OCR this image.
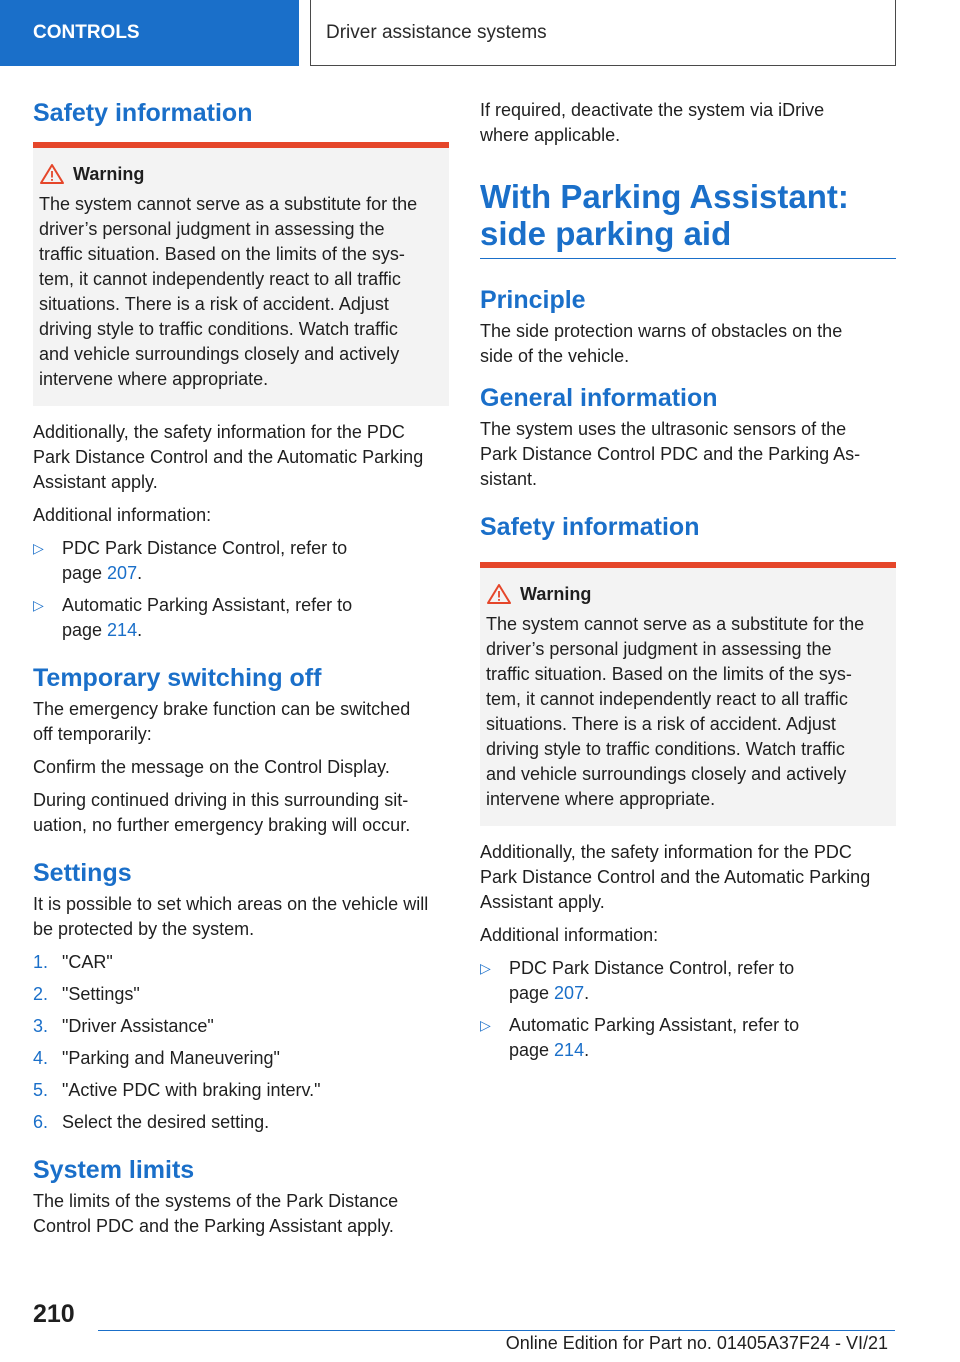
CONTROLS	Driver assistance systems
Safety information
Warning

The system cannot serve as a substitute for the
driver’s personal judgment in assessing the
traffic situation. Based on the limits of the sys-
tem, it cannot independently react to all traffic
situations. There is a risk of accident. Adjust
driving style to traffic conditions. Watch traffic
and vehicle surroundings closely and actively
intervene where appropriate.

Additionally, the safety information for the PDC
Park Distance Control and the Automatic Parking
Assistant apply.

Additional information:

▷ PDC Park Distance Control, refer to
page 207.
▷ Automatic Parking Assistant, refer to
page 214.
Temporary switching off

The emergency brake function can be switched
off temporarily:

Confirm the message on the Control Display.

During continued driving in this surrounding sit-
uation, no further emergency braking will occur.

Settings

It is possible to set which areas on the vehicle will
be protected by the system.

1. "CAR"
2. "Settings"
3. "Driver Assistance"
4. "Parking and Maneuvering"
5. "Active PDC with braking interv."
6. Select the desired setting.
System limits

The limits of the systems of the Park Distance
Control PDC and the Parking Assistant apply.

If required, deactivate the system via iDrive
where applicable.

With Parking Assistant:
side parking aid
Principle

The side protection warns of obstacles on the
side of the vehicle.

General information

The system uses the ultrasonic sensors of the
Park Distance Control PDC and the Parking As-
sistant.

Safety information
Warning

The system cannot serve as a substitute for the
driver’s personal judgment in assessing the
traffic situation. Based on the limits of the sys-
tem, it cannot independently react to all traffic
situations. There is a risk of accident. Adjust
driving style to traffic conditions. Watch traffic
and vehicle surroundings closely and actively
intervene where appropriate.

Additionally, the safety information for the PDC
Park Distance Control and the Automatic Parking
Assistant apply.

Additional information:

▷ PDC Park Distance Control, refer to
page 207.
▷ Automatic Parking Assistant, refer to
page 214.
210
Online Edition for Part no. 01405A37F24 - VI/21
